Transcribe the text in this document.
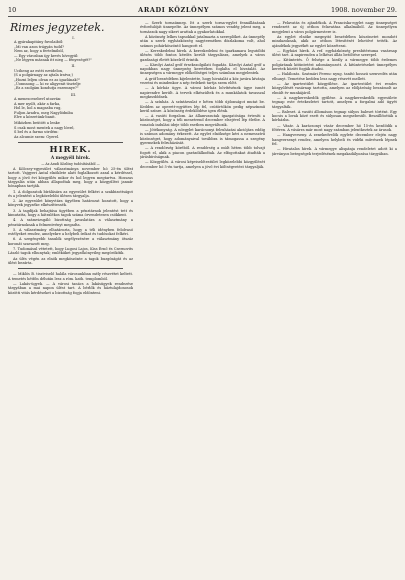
10	ARADI KÖZLÖNY	1908. november 29.
Rimes jegyzetek.
I.
A gyárakapitány fuvolaiból:
„Mi van azon trágyán tudd?
Nem az, hogy a fertelmiból,
— Egy városban így kevés hívegyül:
„Ne légyen másnak itt nieg — fényeségét?"
II.
Uciheng az estéi ezvidelon,
(S a polgárnagy az ajtala íratva;)
„Hozni leljen olvan ez as igazlának?"
„Úonnnong — ki ez aligyenit tisztelje
„Ez a szolgám kondutja eszemnye?"
III.
A menescesebevl utozván:
A mer nyúlt, akár a farka,
Hol le, hol a magasba rug,
Fuljon Aradra, meg Nagylódniba
Elve a körzetünk-banit.
Miközben beütött a lenke
S csak most mentek a nagy lóerő,
S bel és a farmo utrdém:
Az alcumie szem: Gyerel.
HIREK.
A megyéli hirek.
— Az Aradi Közlöny tudósításából —

A Kölcsey-egyesület választmánya november hó 25-én ülést tartott. Vajgyeri Antal elnöklete alatt foglalkozott azzal a kérdéssel, hogy a jövő évi közgyűlés mikor és hol legyen megtartva. Hosszas tárgyalás után abban állapodtak meg, hogy a közgyűlést január hónapban tartják.

1. A dolgozatok bírálására az egyesület felkéri a szakbizottságot és a jelentést a legközelebbi ülésen tárgyalja.

2. Az egyesület könyvtára ügyében határozat hozatott, hogy a könyvek jegyzéke elkészíttessék.

3. A tagdíjak behajtása ügyében a pénztárnok jelentést tett és kimutatta, hogy a hátralékos tagok száma örvendetesen csökkent.

4. A számvizsgáló bizottság javaslatára a választmány a pénztárnoknak a felmentvényt megadta.

5. A választmány elhatározta, hogy a téli idényben felolvasó estélyeket rendez, amelyekre a helybeli írókat és tudósokat felkéri.

6. A szegényebb tanulók segélyezésére a választmány ötszáz koronát szavazott meg.

7. Tudomásul vétetett, hogy Lugosi Lajos, Kiss Ernő és Csernovits László tagok elhunytak; emléküket jegyzőkönyvileg megörökítik.

Az ülés végén az elnök megköszönte a tagok buzgóságát és az ülést bezárta.

— Miklós B. tisztviselő halála városunkban mély részvétet keltett. A temetés hétfőn délután lesz a róm. kath. templomból.

— Lakás-ügyek. — A városi tanács a lakásügyek rendezése tárgyában a mai napon ülést tart. A bérlők és háztulajdonosok közötti vitás kérdéseket a bizottság fogja eldönteni.

— Szerb tornaünnep. Itt a szerb torna-egylet fennállásának évfordulóját ünnepelte. Az ünnepélyen számos vendég jelent meg, a tornászok nagy sikert arattak a gyakorlatokkal.

A közönség lelkes tapsokkal jutalmazta a szereplőket. Az ünnepély után a szerb egyházközség nagytermében díszlakoma volt, ahol számos pohárköszöntő hangzott el.

— Kereskedelmi hírek. A kereskedelmi és iparkamara legutóbbi ülésén több fontos kérdés került tárgyalásra, amelyek a város gazdasági életét közelről érintik.

— Károlyi Antal gróf érsekszolgálati fogadás. Károlyi Antal gróf a napokban nagy ünnepség keretében foglalta el hivatalát. Az ünnepségen a vármegye előkelőségei teljes számban megjelentek.

A gróf beszédében kijelentette, hogy hivatalát a köz javára kívánja vezetni és mindenkor a nép érdekeit tartja szem előtt.

— A kórház ügye. A városi kórház bővítésének ügye ismét napirendre került. A tervek elkészültek és a munkálatok tavasszal megkezdődnek.

— A színház. A színtársulat e héten több újdonságot mutat be. Kedden az operett-együttes lép fel, csütörtökön pedig népszínmű kerül színre. A közönség érdeklődése igen élénk.

— A vasúti forgalom. Az államvasutak igazgatósága értesíti a közönséget, hogy a téli menetrend december elsejével lép életbe. A vonatok indulási ideje több esetben megváltozik.

— Jótékonyság. A nőegylet karácsonyi felruházási akciójára eddig is számos adomány érkezett. Az egylet elnöksége kéri a nemesszívű közönséget, hogy adományaival továbbra is támogassa a szegény gyermekek felruházását.

— A rendőrség köréből. A rendőrség a múlt héten több tolvajt fogott el, akik a piacon garázdálkodtak. Az elfogottakat átadták a járásbíróságnak.

— Közgyűlés. A városi képviselőtestület legközelebbi közgyűlését december hó 5-én tartja, amelyen a jövő évi költségvetést tárgyalják.

— Felavatás és ajándékok. A Franciska-egylet nagy ünnepséget rendezett az új otthon felavatása alkalmából. Az ünnepélyen megjelent a város polgármestere is.

Az egylet elnöke megnyitó beszédében köszönetet mondott mindazoknak, akik az otthon létesítését lehetővé tették. Az ajándékok jegyzékét az egylet közzéteszi.

— Egyházi hírek. A ref. egyházközség presbitériuma vasárnap ülést tart. A napirenden a lelkészi állás betöltése szerepel.

— Kitüntetés. Ő felsége a király a vármegye több érdemes polgárának kitüntetést adományozott. A kitüntetéseket ünnepélyes keretek között fogják átadni.

— Halálozás. Szatmári Ferenc nyug. tanító hosszú szenvedés után elhunyt. Temetése kedden lesz nagy részvét mellett.

— Az ipartestület közgyűlése. Az ipartestület évi rendes közgyűlését vasárnap tartotta, amelyen az elöljáróság beszámolt az elmúlt év munkájáról.

— A nagykereskedők gyűlése. A nagykereskedők egyesülete tegnap este értekezletet tartott, amelyen a forgalmi adó ügyét tárgyalták.

— Baleset. A vasúti állomáson tegnap súlyos baleset történt. Egy kocsis a lovak közé esett és súlyosan megsebesült. Beszállították a kórházba.

— Vásár. A karácsonyi vásár december hó 15-én kezdődik a főtéren. A vásárra már most nagy számban jelentkeztek az árusok.

— Hangverseny. A zenekedvelők egylete december elején nagy hangversenyt rendez, amelyen helybeli és vidéki művészek lépnek fel.

— Hivatalos hírek. A vármegye alispánja rendeletet adott ki a járványos betegségek terjedésének megakadályozása tárgyában.
